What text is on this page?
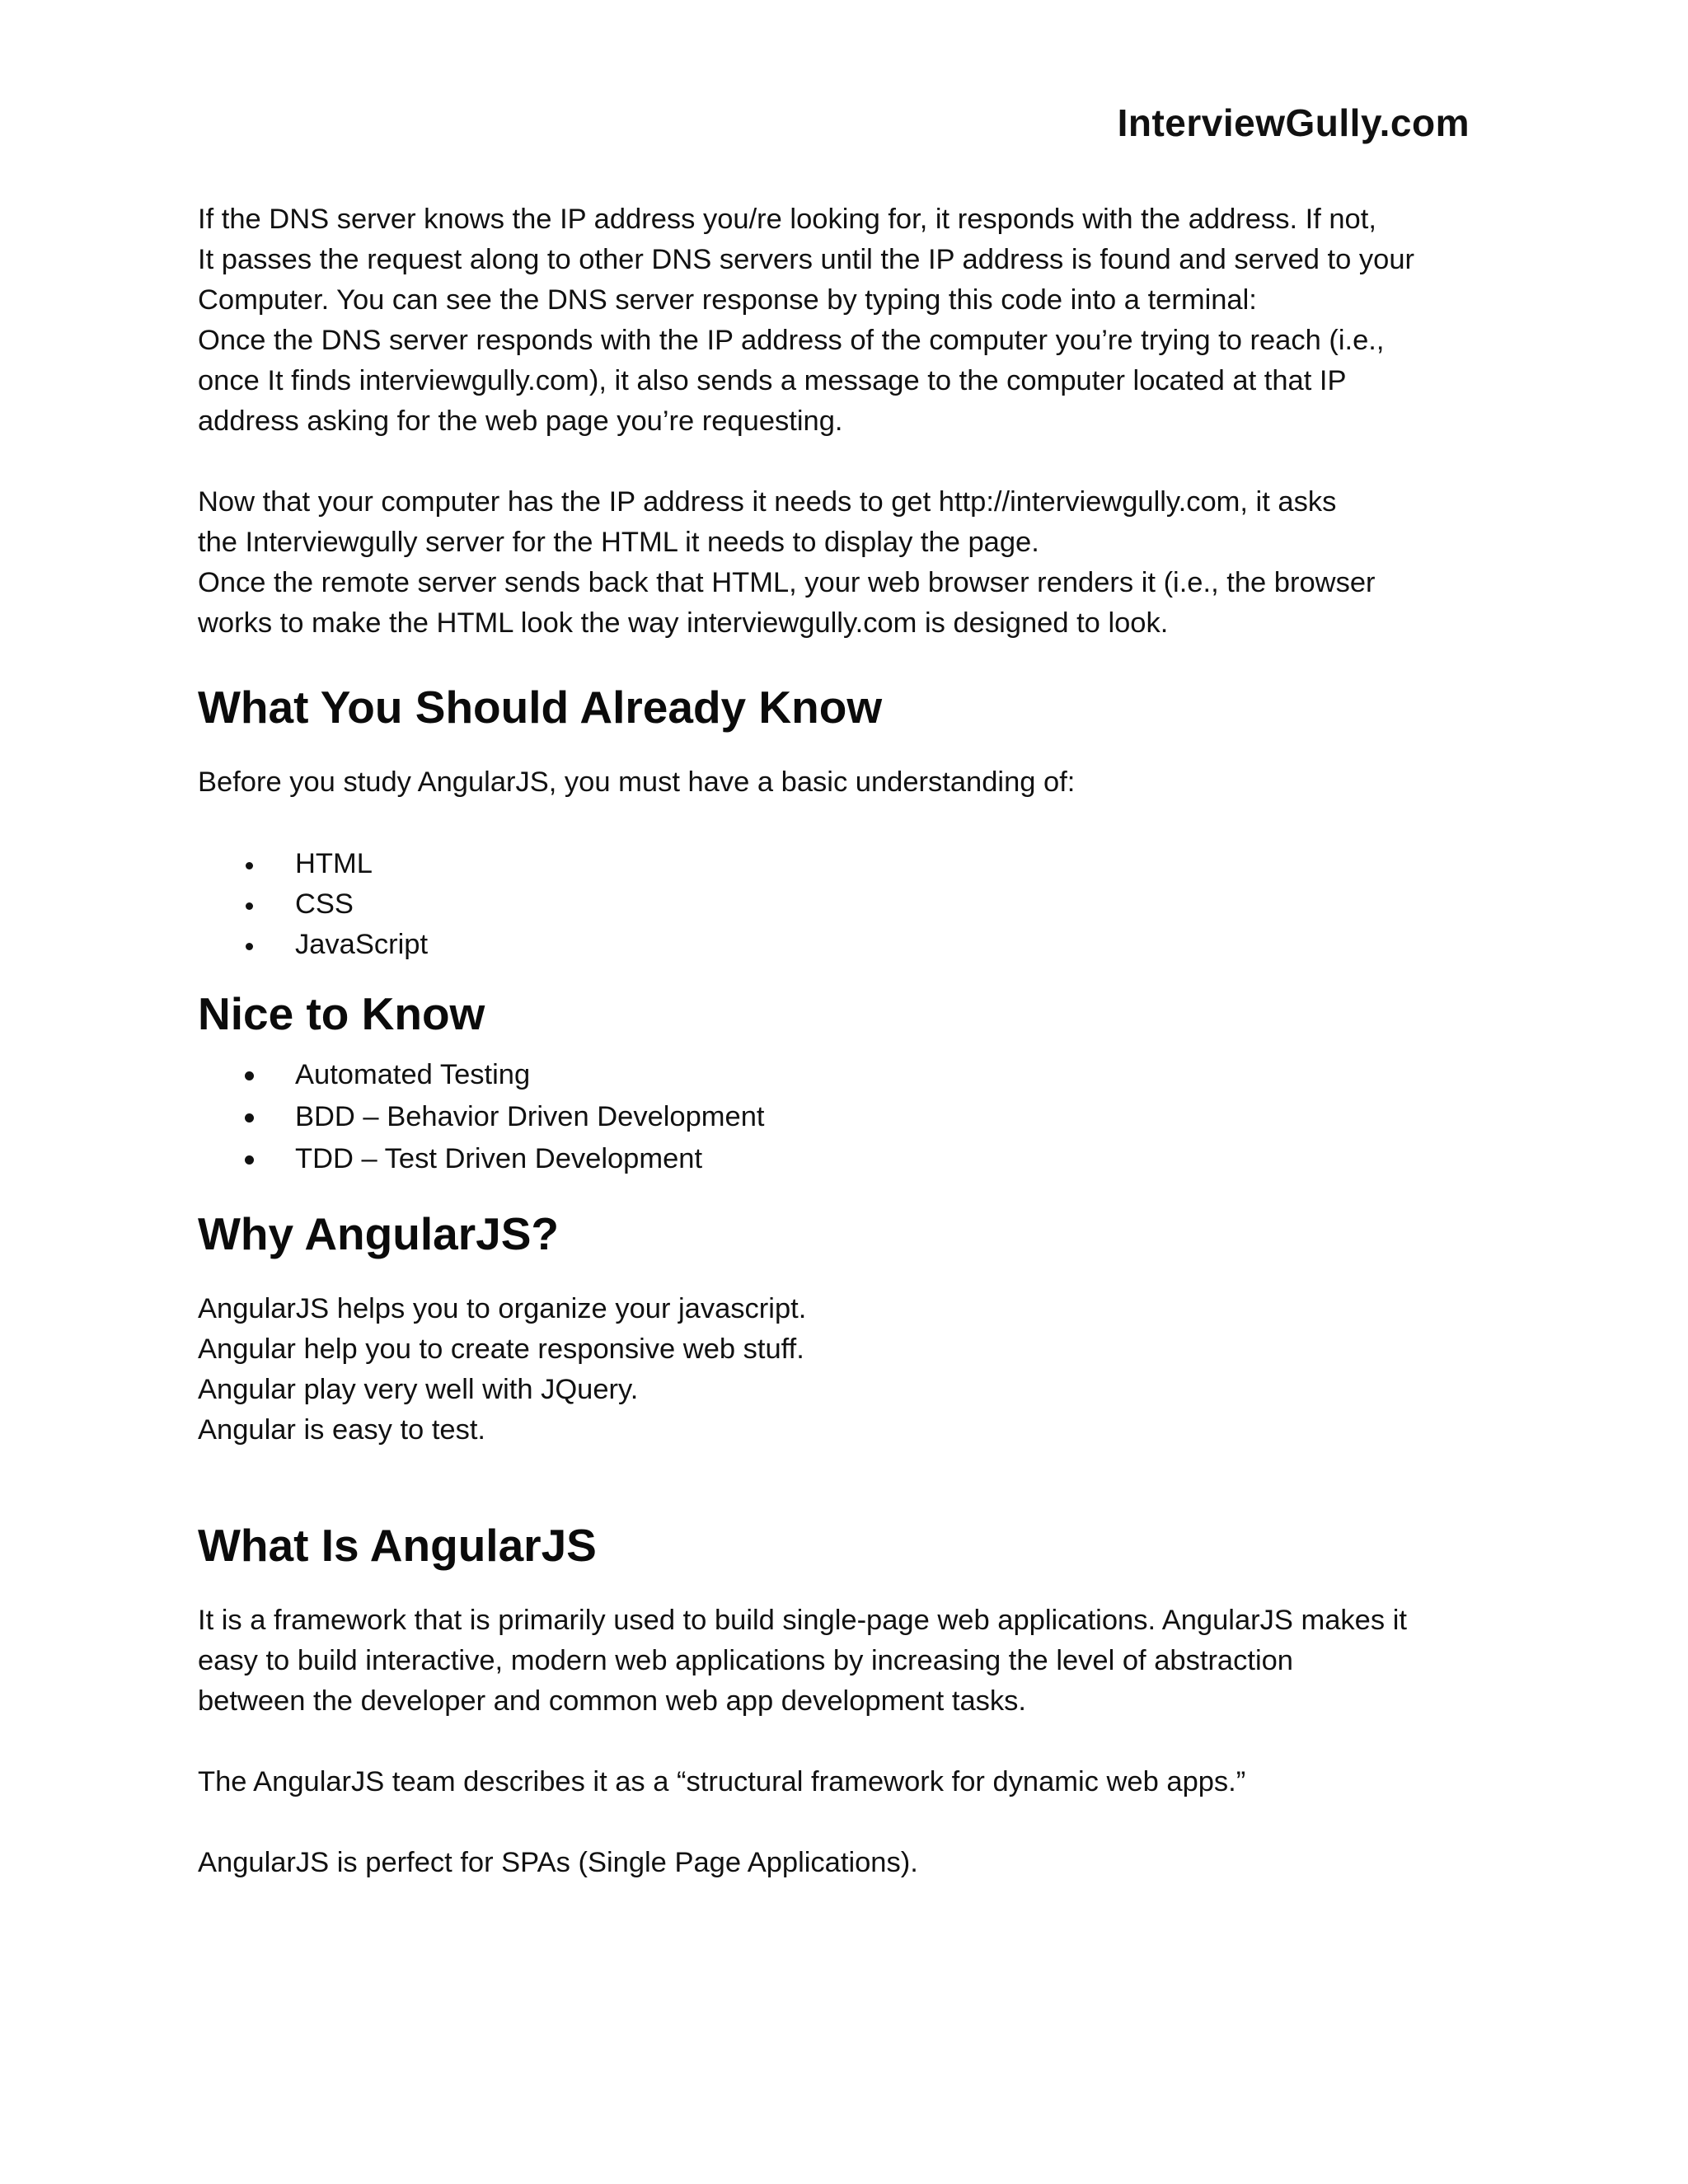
InterviewGully.com
If the DNS server knows the IP address you/re looking for, it responds with the address. If not,
It passes the request along to other DNS servers until the IP address is found and served to your
Computer. You can see the DNS server response by typing this code into a terminal:
Once the DNS server responds with the IP address of the computer you’re trying to reach (i.e.,
once It finds interviewgully.com), it also sends a message to the computer located at that IP
address asking for the web page you’re requesting.
Now that your computer has the IP address it needs to get http://interviewgully.com, it asks
the Interviewgully server for the HTML it needs to display the page.
Once the remote server sends back that HTML, your web browser renders it (i.e., the browser
works to make the HTML look the way interviewgully.com is designed to look.
What You Should Already Know
Before you study AngularJS, you must have a basic understanding of:
HTML
CSS
JavaScript
Nice to Know
Automated Testing
BDD – Behavior Driven Development
TDD – Test Driven Development
Why AngularJS?
AngularJS helps you to organize your javascript.
Angular help you to create responsive web stuff.
Angular play very well with JQuery.
Angular is easy to test.
What Is AngularJS
It is a framework that is primarily used to build single-page web applications. AngularJS makes it
easy to build interactive, modern web applications by increasing the level of abstraction
between the developer and common web app development tasks.
The AngularJS team describes it as a “structural framework for dynamic web apps.”
AngularJS is perfect for SPAs (Single Page Applications).
